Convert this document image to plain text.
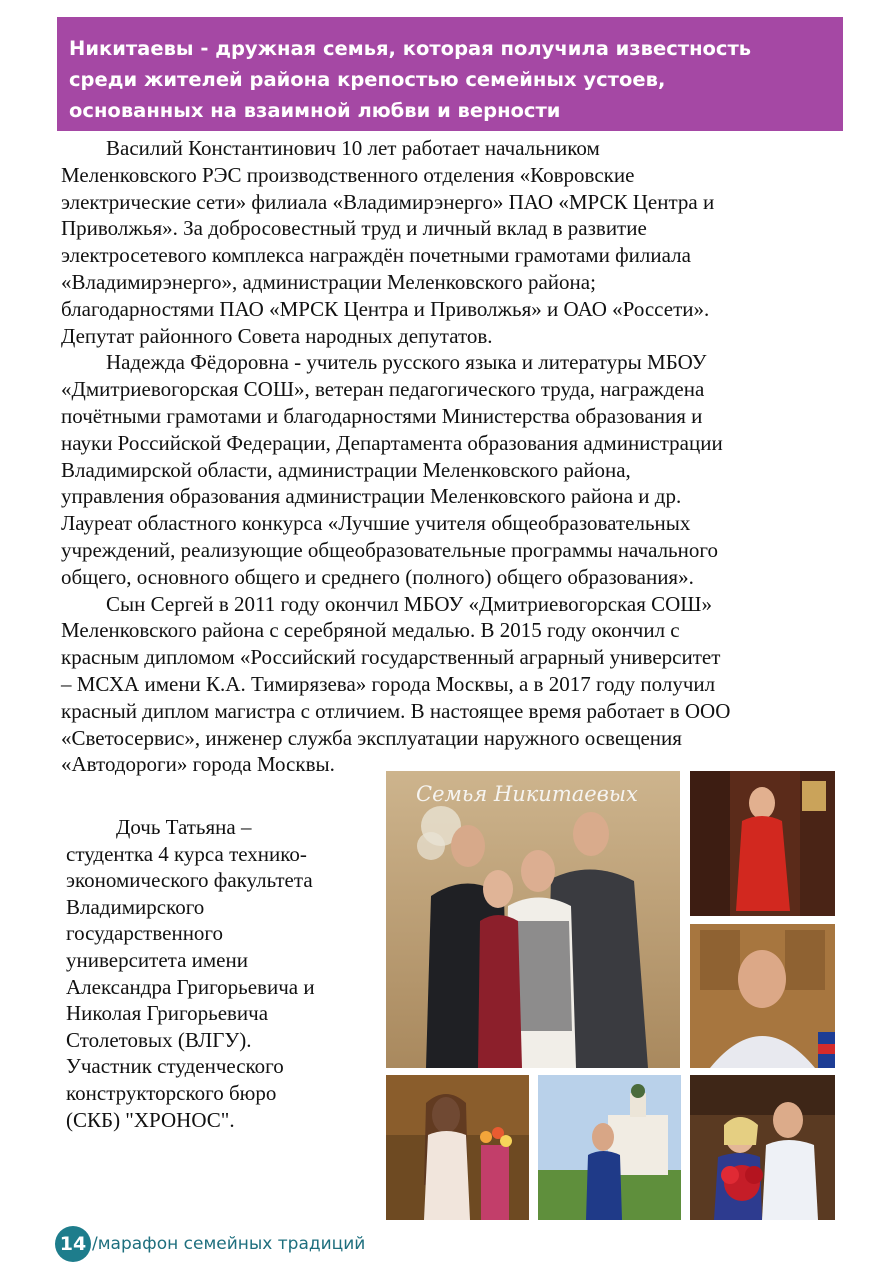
Никитаевы - дружная семья, которая получила известность
среди жителей района крепостью семейных устоев,
основанных на взаимной любви и верности
Василий Константинович 10 лет работает начальником
Меленковского РЭС производственного отделения «Ковровские
электрические сети» филиала «Владимирэнерго» ПАО «МРСК Центра и
Приволжья». За добросовестный труд и личный вклад в развитие
электросетевого комплекса награждён почетными грамотами филиала
«Владимирэнерго», администрации Меленковского района;
благодарностями ПАО «МРСК Центра и Приволжья» и ОАО «Россети».
Депутат районного Совета народных депутатов.
Надежда Фёдоровна - учитель русского языка и литературы МБОУ
«Дмитриевогорская СОШ», ветеран педагогического труда, награждена
почётными грамотами и благодарностями Министерства образования и
науки Российской Федерации, Департамента образования администрации
Владимирской области, администрации Меленковского района,
управления образования администрации Меленковского района и др.
Лауреат областного конкурса «Лучшие учителя общеобразовательных
учреждений, реализующие общеобразовательные программы начального
общего, основного общего и среднего (полного) общего образования».
Сын Сергей в 2011 году окончил МБОУ «Дмитриевогорская СОШ»
Меленковского района с серебряной медалью. В 2015 году окончил с
красным дипломом «Российский государственный аграрный университет
– МСХА имени К.А. Тимирязева» города Москвы, а в 2017 году получил
красный диплом магистра с отличием. В настоящее время работает в ООО
«Светосервис», инженер служба эксплуатации наружного освещения
«Автодороги» города Москвы.
Дочь Татьяна –
студентка 4 курса технико-
экономического факультета
Владимирского
государственного
университета имени
Александра Григорьевича и
Николая Григорьевича
Столетовых (ВЛГУ).
Участник студенческого
конструкторского бюро
(СКБ) "ХРОНОС".
Семья Никитаевых
14 /марафон семейных традиций
